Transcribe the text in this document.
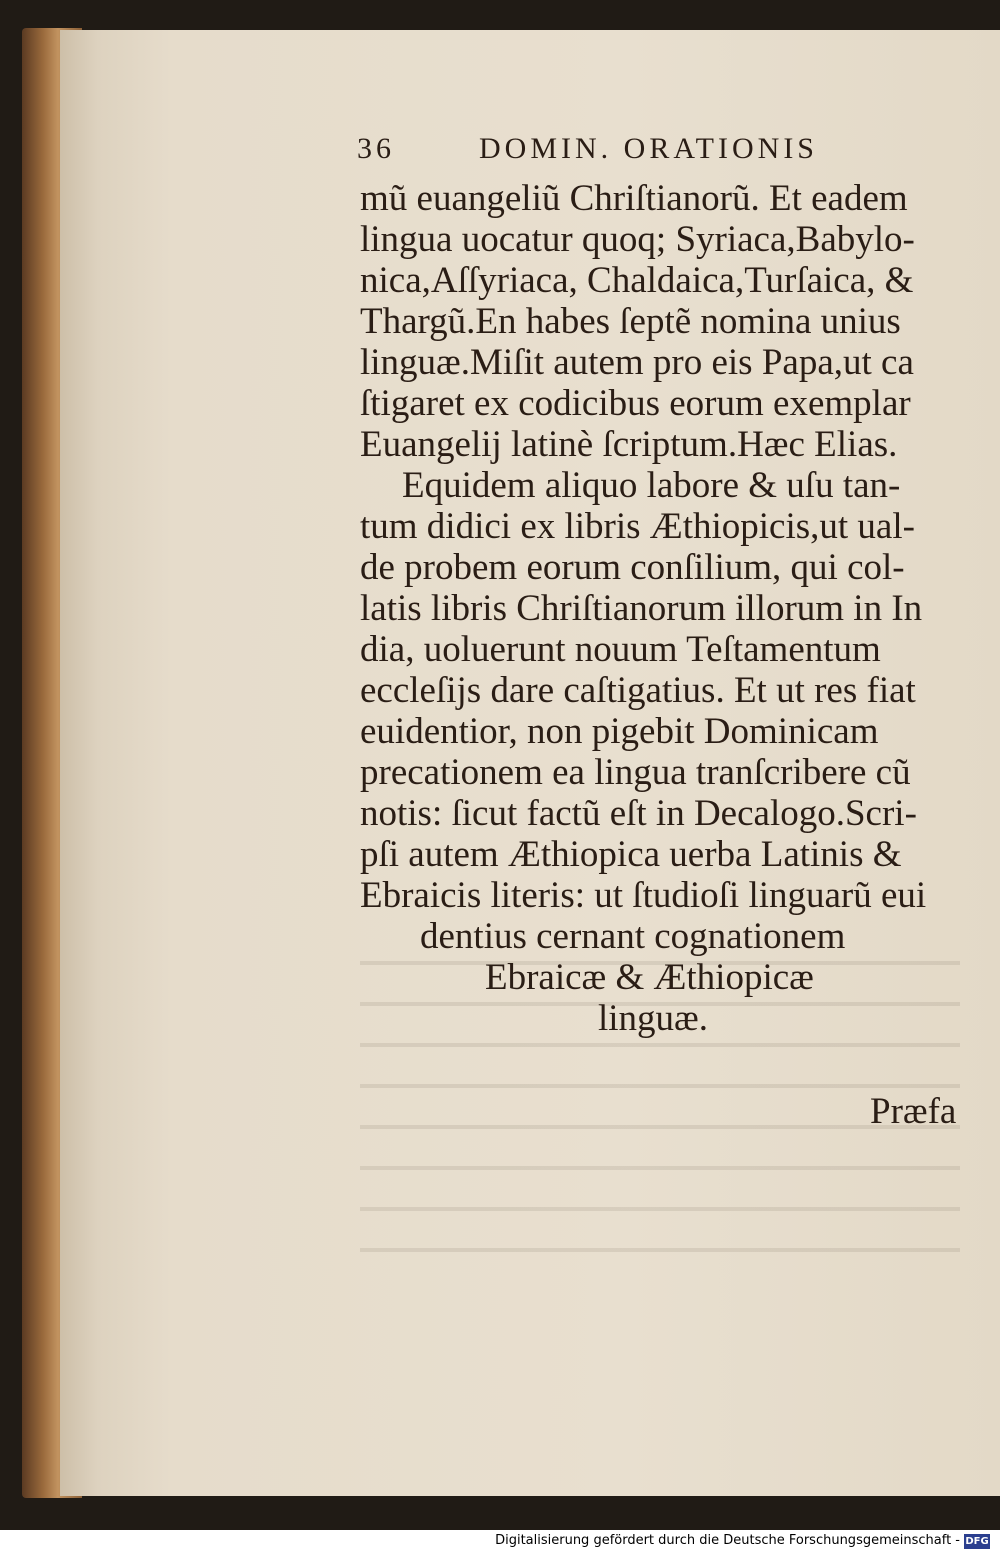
36	DOMIN. ORATIONIS
mũ euangeliũ Chriſtianorũ. Et eadem
lingua uocatur quoq; Syriaca,Babylo-
nica,Aſſyriaca, Chaldaica,Turſaica, &
Thargũ.En habes ſeptẽ nomina unius
linguæ.Miſit autem pro eis Papa,ut ca
ſtigaret ex codicibus eorum exemplar
Euangelij latinè ſcriptum.Hæc Elias.
Equidem aliquo labore & uſu tan-
tum didici ex libris Æthiopicis,ut ual-
de probem eorum conſilium, qui col-
latis libris Chriſtianorum illorum in In
dia, uoluerunt nouum Teſtamentum
eccleſijs dare caſtigatius. Et ut res fiat
euidentior, non pigebit Dominicam
precationem ea lingua tranſcribere cũ
notis: ſicut factũ eſt in Decalogo.Scri-
pſi autem Æthiopica uerba Latinis &
Ebraicis literis: ut ſtudioſi linguarũ eui
dentius cernant cognationem
Ebraicæ & Æthiopicæ
linguæ.
Præfa
Digitalisierung gefördert durch die Deutsche Forschungsgemeinschaft - DFG
